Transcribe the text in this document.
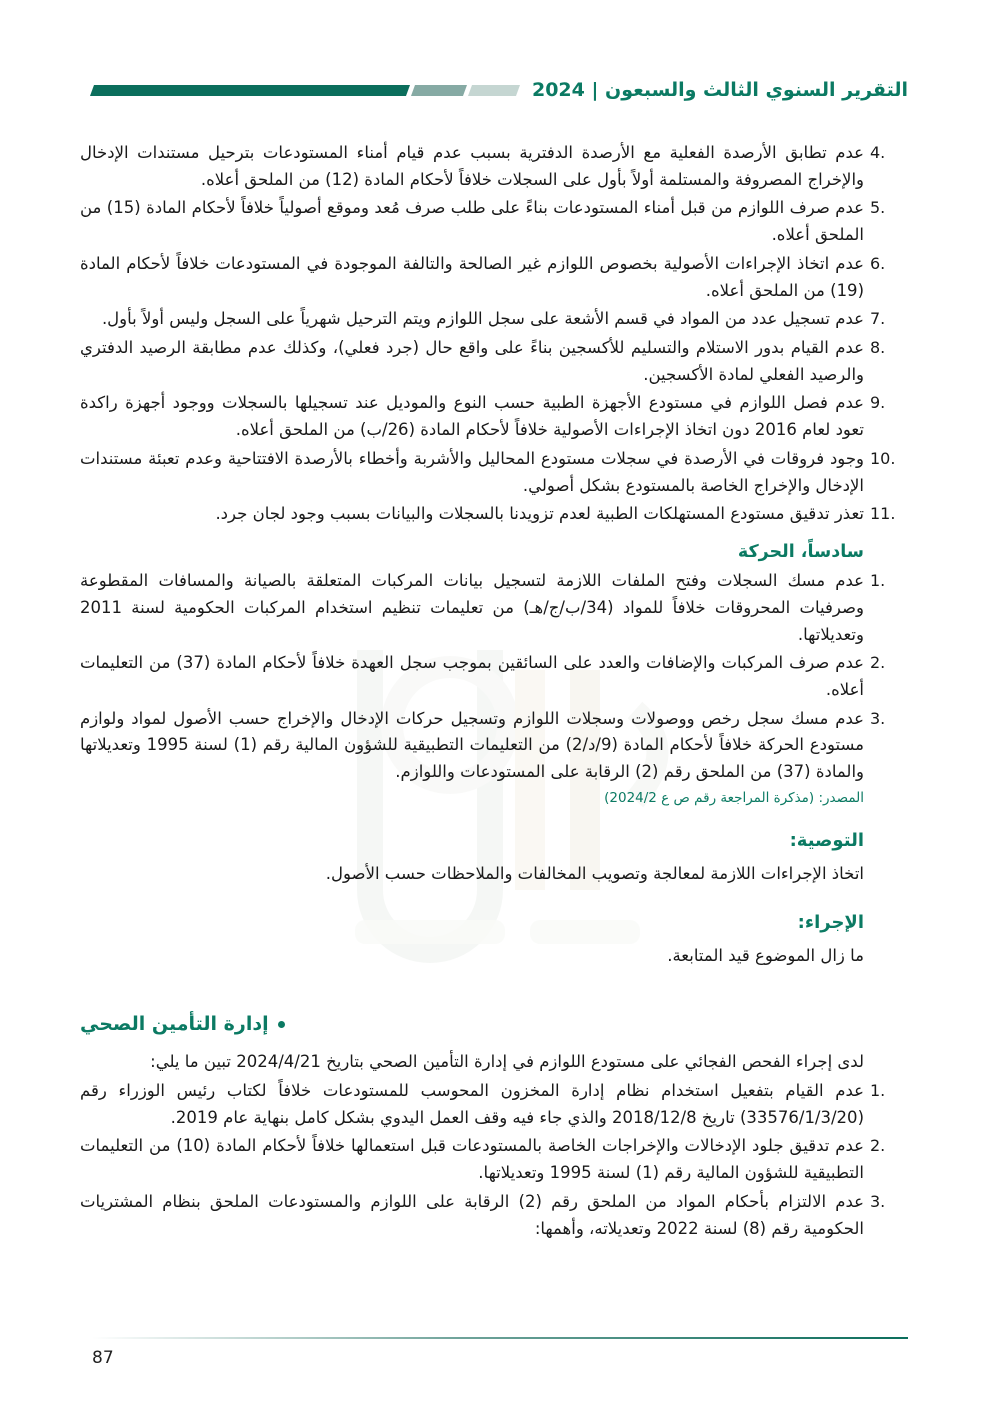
التقرير السنوي الثالث والسبعون | 2024
4.
عدم تطابق الأرصدة الفعلية مع الأرصدة الدفترية بسبب عدم قيام أمناء المستودعات بترحيل مستندات الإدخال والإخراج المصروفة والمستلمة أولاً بأول على السجلات خلافاً لأحكام المادة (12) من الملحق أعلاه.
5.
عدم صرف اللوازم من قبل أمناء المستودعات بناءً على طلب صرف مُعد وموقع أصولياً خلافاً لأحكام المادة (15) من الملحق أعلاه.
6.
عدم اتخاذ الإجراءات الأصولية بخصوص اللوازم غير الصالحة والتالفة الموجودة في المستودعات خلافاً لأحكام المادة (19) من الملحق أعلاه.
7.
عدم تسجيل عدد من المواد في قسم الأشعة على سجل اللوازم ويتم الترحيل شهرياً على السجل وليس أولاً بأول.
8.
عدم القيام بدور الاستلام والتسليم للأكسجين بناءً على واقع حال (جرد فعلي)، وكذلك عدم مطابقة الرصيد الدفتري والرصيد الفعلي لمادة الأكسجين.
9.
عدم فصل اللوازم في مستودع الأجهزة الطبية حسب النوع والموديل عند تسجيلها بالسجلات ووجود أجهزة راكدة تعود لعام 2016 دون اتخاذ الإجراءات الأصولية خلافاً لأحكام المادة (26/ب) من الملحق أعلاه.
10.
وجود فروقات في الأرصدة في سجلات مستودع المحاليل والأشربة وأخطاء بالأرصدة الافتتاحية وعدم تعبئة مستندات الإدخال والإخراج الخاصة بالمستودع بشكل أصولي.
11.
تعذر تدقيق مستودع المستهلكات الطبية لعدم تزويدنا بالسجلات والبيانات بسبب وجود لجان جرد.
سادساً، الحركة
1.
عدم مسك السجلات وفتح الملفات اللازمة لتسجيل بيانات المركبات المتعلقة بالصيانة والمسافات المقطوعة وصرفيات المحروقات خلافاً للمواد (34/ب/ج/هـ) من تعليمات تنظيم استخدام المركبات الحكومية لسنة 2011 وتعديلاتها.
2.
عدم صرف المركبات والإضافات والعدد على السائقين بموجب سجل العهدة خلافاً لأحكام المادة (37) من التعليمات أعلاه.
3.
عدم مسك سجل رخص ووصولات وسجلات اللوازم وتسجيل حركات الإدخال والإخراج حسب الأصول لمواد ولوازم مستودع الحركة خلافاً لأحكام المادة (9/د/2) من التعليمات التطبيقية للشؤون المالية رقم (1) لسنة 1995 وتعديلاتها والمادة (37) من الملحق رقم (2) الرقابة على المستودعات واللوازم.
المصدر: (مذكرة المراجعة رقم ص ع 2024/2)
التوصية:

اتخاذ الإجراءات اللازمة لمعالجة وتصويب المخالفات والملاحظات حسب الأصول.

الإجراء:

ما زال الموضوع قيد المتابعة.

إدارة التأمين الصحي

لدى إجراء الفحص الفجائي على مستودع اللوازم في إدارة التأمين الصحي بتاريخ 2024/4/21 تبين ما يلي:

1.
عدم القيام بتفعيل استخدام نظام إدارة المخزون المحوسب للمستودعات خلافاً لكتاب رئيس الوزراء رقم (33576/1/3/20) تاريخ 2018/12/8 والذي جاء فيه وقف العمل اليدوي بشكل كامل بنهاية عام 2019.
2.
عدم تدقيق جلود الإدخالات والإخراجات الخاصة بالمستودعات قبل استعمالها خلافاً لأحكام المادة (10) من التعليمات التطبيقية للشؤون المالية رقم (1) لسنة 1995 وتعديلاتها.
3.
عدم الالتزام بأحكام المواد من الملحق رقم (2) الرقابة على اللوازم والمستودعات الملحق بنظام المشتريات الحكومية رقم (8) لسنة 2022 وتعديلاته، وأهمها:
87
